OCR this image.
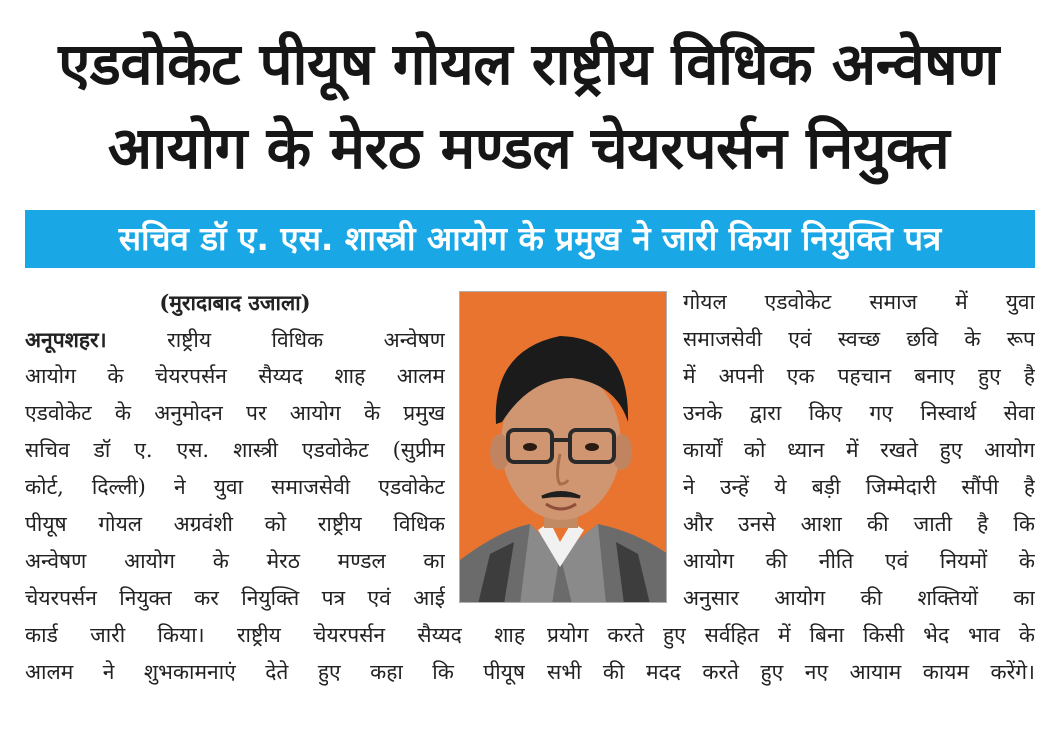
एडवोकेट पीयूष गोयल राष्ट्रीय विधिक अन्वेषण
आयोग के मेरठ मण्डल चेयरपर्सन नियुक्त
सचिव डॉ ए. एस. शास्त्री आयोग के प्रमुख ने जारी किया नियुक्ति पत्र
(मुरादाबाद उजाला)
अनूपशहर।	राष्ट्रीय विधिक अन्वेषण
आयोग के चेयरपर्सन सैय्यद शाह आलम
एडवोकेट के अनुमोदन पर आयोग के प्रमुख
सचिव डॉ ए. एस. शास्त्री एडवोकेट (सुप्रीम
कोर्ट, दिल्ली) ने युवा समाजसेवी एडवोकेट
पीयूष गोयल अग्रवंशी को राष्ट्रीय विधिक
अन्वेषण आयोग के मेरठ मण्डल का
चेयरपर्सन नियुक्त कर नियुक्ति पत्र एवं आई
कार्ड जारी किया। राष्ट्रीय चेयरपर्सन सैय्यद शाह
आलम ने शुभकामनाएं देते हुए कहा कि पीयूष
गोयल एडवोकेट समाज में युवा
समाजसेवी एवं स्वच्छ छवि के रूप
में अपनी एक पहचान बनाए हुए है
उनके द्वारा किए गए निस्वार्थ सेवा
कार्यों को ध्यान में रखते हुए आयोग
ने उन्हें ये बड़ी जिम्मेदारी सौंपी है
और उनसे आशा की जाती है कि
आयोग की नीति एवं नियमों के
अनुसार आयोग की शक्तियों का
प्रयोग करते हुए सर्वहित में बिना किसी भेद भाव के
सभी की मदद करते हुए नए आयाम कायम करेंगे।
